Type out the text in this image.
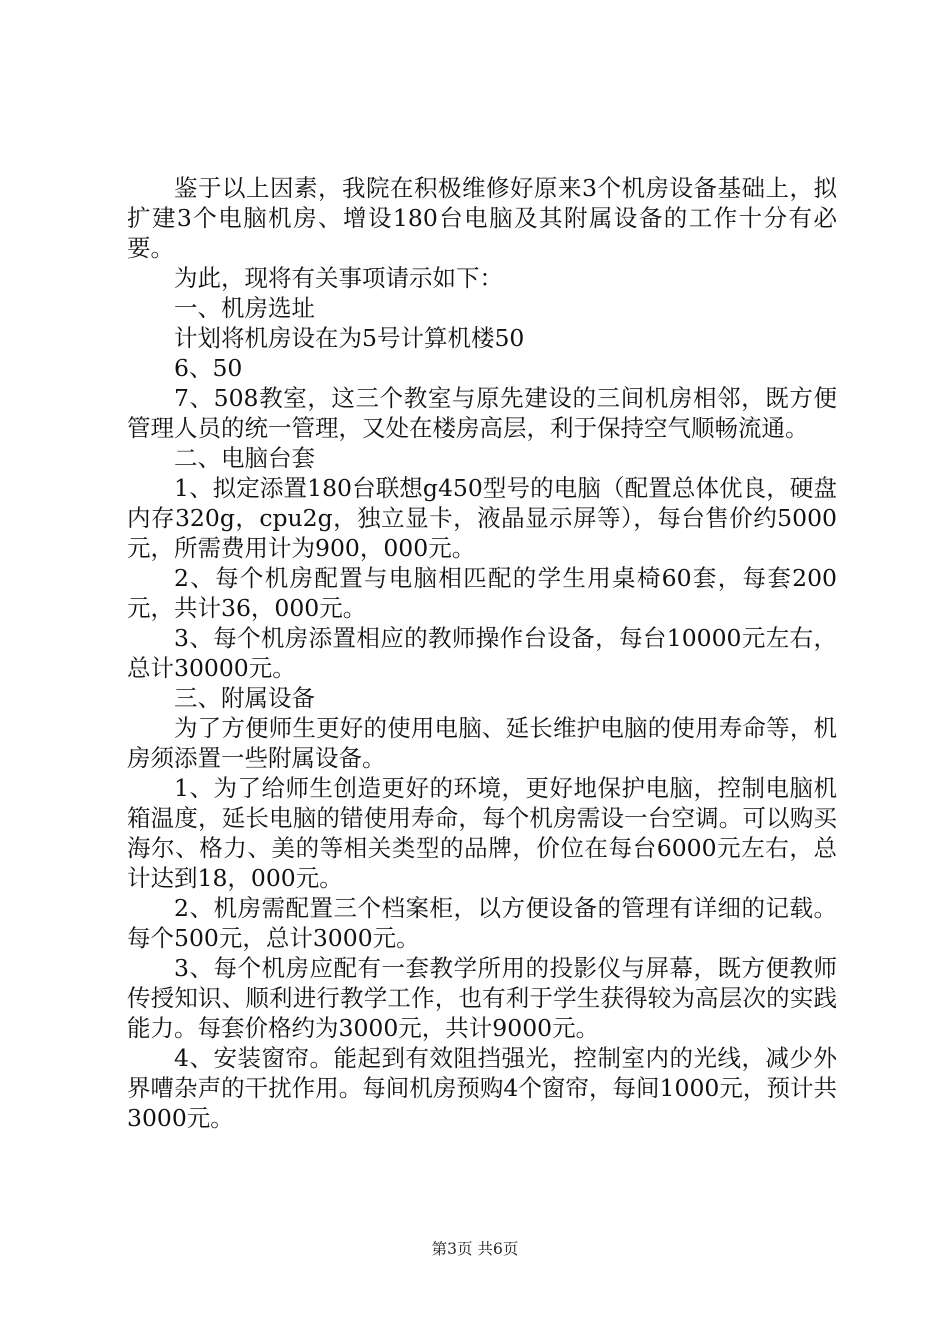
鉴于以上因素，我院在积极维修好原来3个机房设备基础上，拟扩建3个电脑机房、增设180台电脑及其附属设备的工作十分有必要。

为此，现将有关事项请示如下：

一、机房选址

计划将机房设在为5号计算机楼50

6、50

7、508教室，这三个教室与原先建设的三间机房相邻，既方便管理人员的统一管理，又处在楼房高层，利于保持空气顺畅流通。

二、电脑台套

1、拟定添置180台联想g450型号的电脑（配置总体优良，硬盘内存320g，cpu2g，独立显卡，液晶显示屏等），每台售价约5000元，所需费用计为900，000元。

2、每个机房配置与电脑相匹配的学生用桌椅60套，每套200元，共计36，000元。

3、每个机房添置相应的教师操作台设备，每台10000元左右，总计30000元。

三、附属设备

为了方便师生更好的使用电脑、延长维护电脑的使用寿命等，机房须添置一些附属设备。

1、为了给师生创造更好的环境，更好地保护电脑，控制电脑机箱温度，延长电脑的错使用寿命，每个机房需设一台空调。可以购买海尔、格力、美的等相关类型的品牌，价位在每台6000元左右，总计达到18，000元。

2、机房需配置三个档案柜，以方便设备的管理有详细的记载。每个500元，总计3000元。

3、每个机房应配有一套教学所用的投影仪与屏幕，既方便教师传授知识、顺利进行教学工作，也有利于学生获得较为高层次的实践能力。每套价格约为3000元，共计9000元。

4、安装窗帘。能起到有效阻挡强光，控制室内的光线，减少外界嘈杂声的干扰作用。每间机房预购4个窗帘，每间1000元，预计共3000元。

第3页 共6页
